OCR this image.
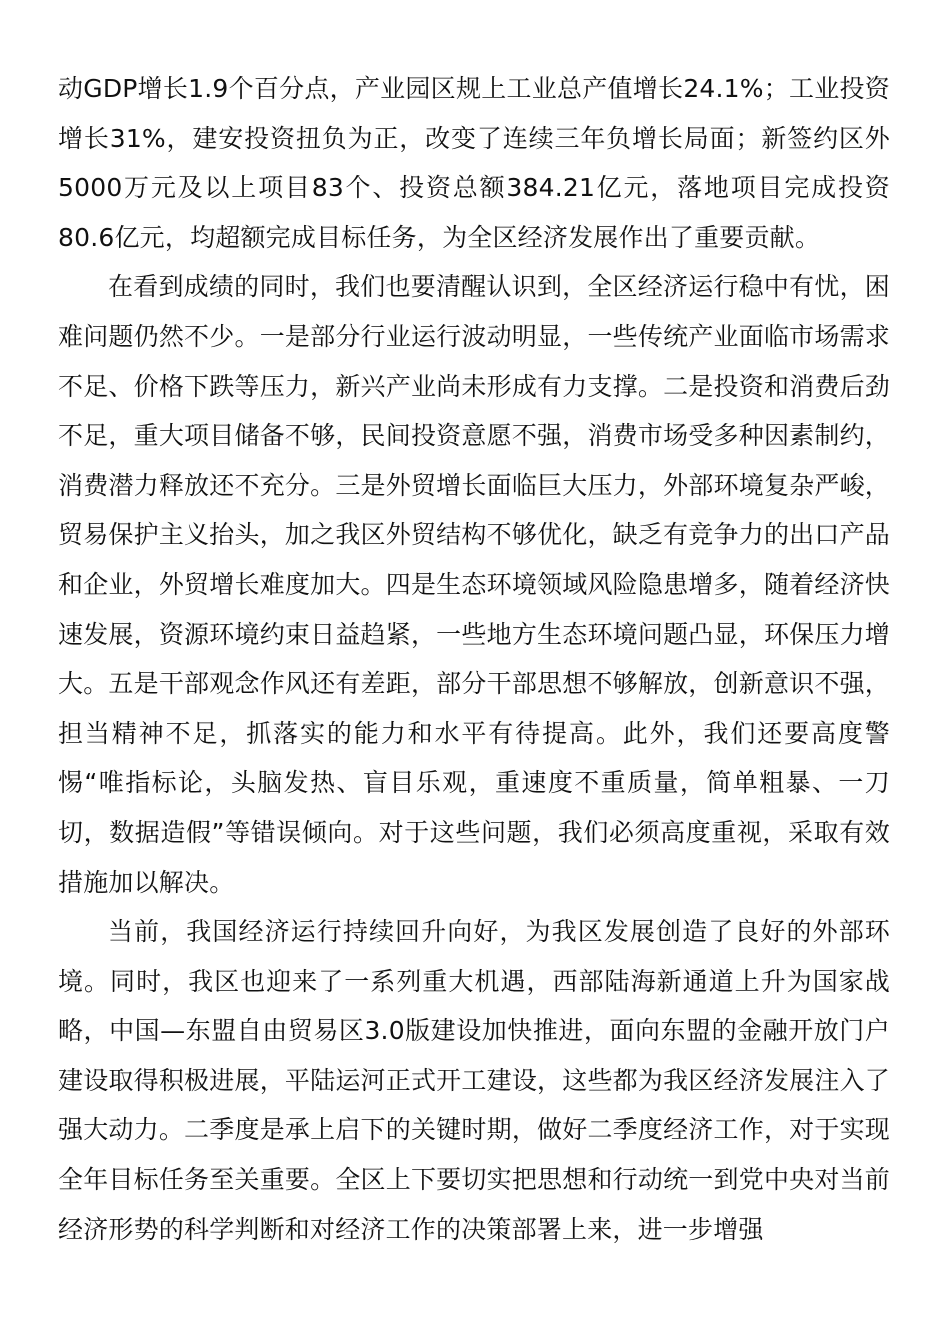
动GDP增长1.9个百分点，产业园区规上工业总产值增长24.1%；工业投资增长31%，建安投资扭负为正，改变了连续三年负增长局面；新签约区外5000万元及以上项目83个、投资总额384.21亿元，落地项目完成投资80.6亿元，均超额完成目标任务，为全区经济发展作出了重要贡献。

在看到成绩的同时，我们也要清醒认识到，全区经济运行稳中有忧，困难问题仍然不少。一是部分行业运行波动明显，一些传统产业面临市场需求不足、价格下跌等压力，新兴产业尚未形成有力支撑。二是投资和消费后劲不足，重大项目储备不够，民间投资意愿不强，消费市场受多种因素制约，消费潜力释放还不充分。三是外贸增长面临巨大压力，外部环境复杂严峻，贸易保护主义抬头，加之我区外贸结构不够优化，缺乏有竞争力的出口产品和企业，外贸增长难度加大。四是生态环境领域风险隐患增多，随着经济快速发展，资源环境约束日益趋紧，一些地方生态环境问题凸显，环保压力增大。五是干部观念作风还有差距，部分干部思想不够解放，创新意识不强，担当精神不足，抓落实的能力和水平有待提高。此外，我们还要高度警惕“唯指标论，头脑发热、盲目乐观，重速度不重质量，简单粗暴、一刀切，数据造假”等错误倾向。对于这些问题，我们必须高度重视，采取有效措施加以解决。

当前，我国经济运行持续回升向好，为我区发展创造了良好的外部环境。同时，我区也迎来了一系列重大机遇，西部陆海新通道上升为国家战略，中国—东盟自由贸易区3.0版建设加快推进，面向东盟的金融开放门户建设取得积极进展，平陆运河正式开工建设，这些都为我区经济发展注入了强大动力。二季度是承上启下的关键时期，做好二季度经济工作，对于实现全年目标任务至关重要。全区上下要切实把思想和行动统一到党中央对当前经济形势的科学判断和对经济工作的决策部署上来，进一步增强
